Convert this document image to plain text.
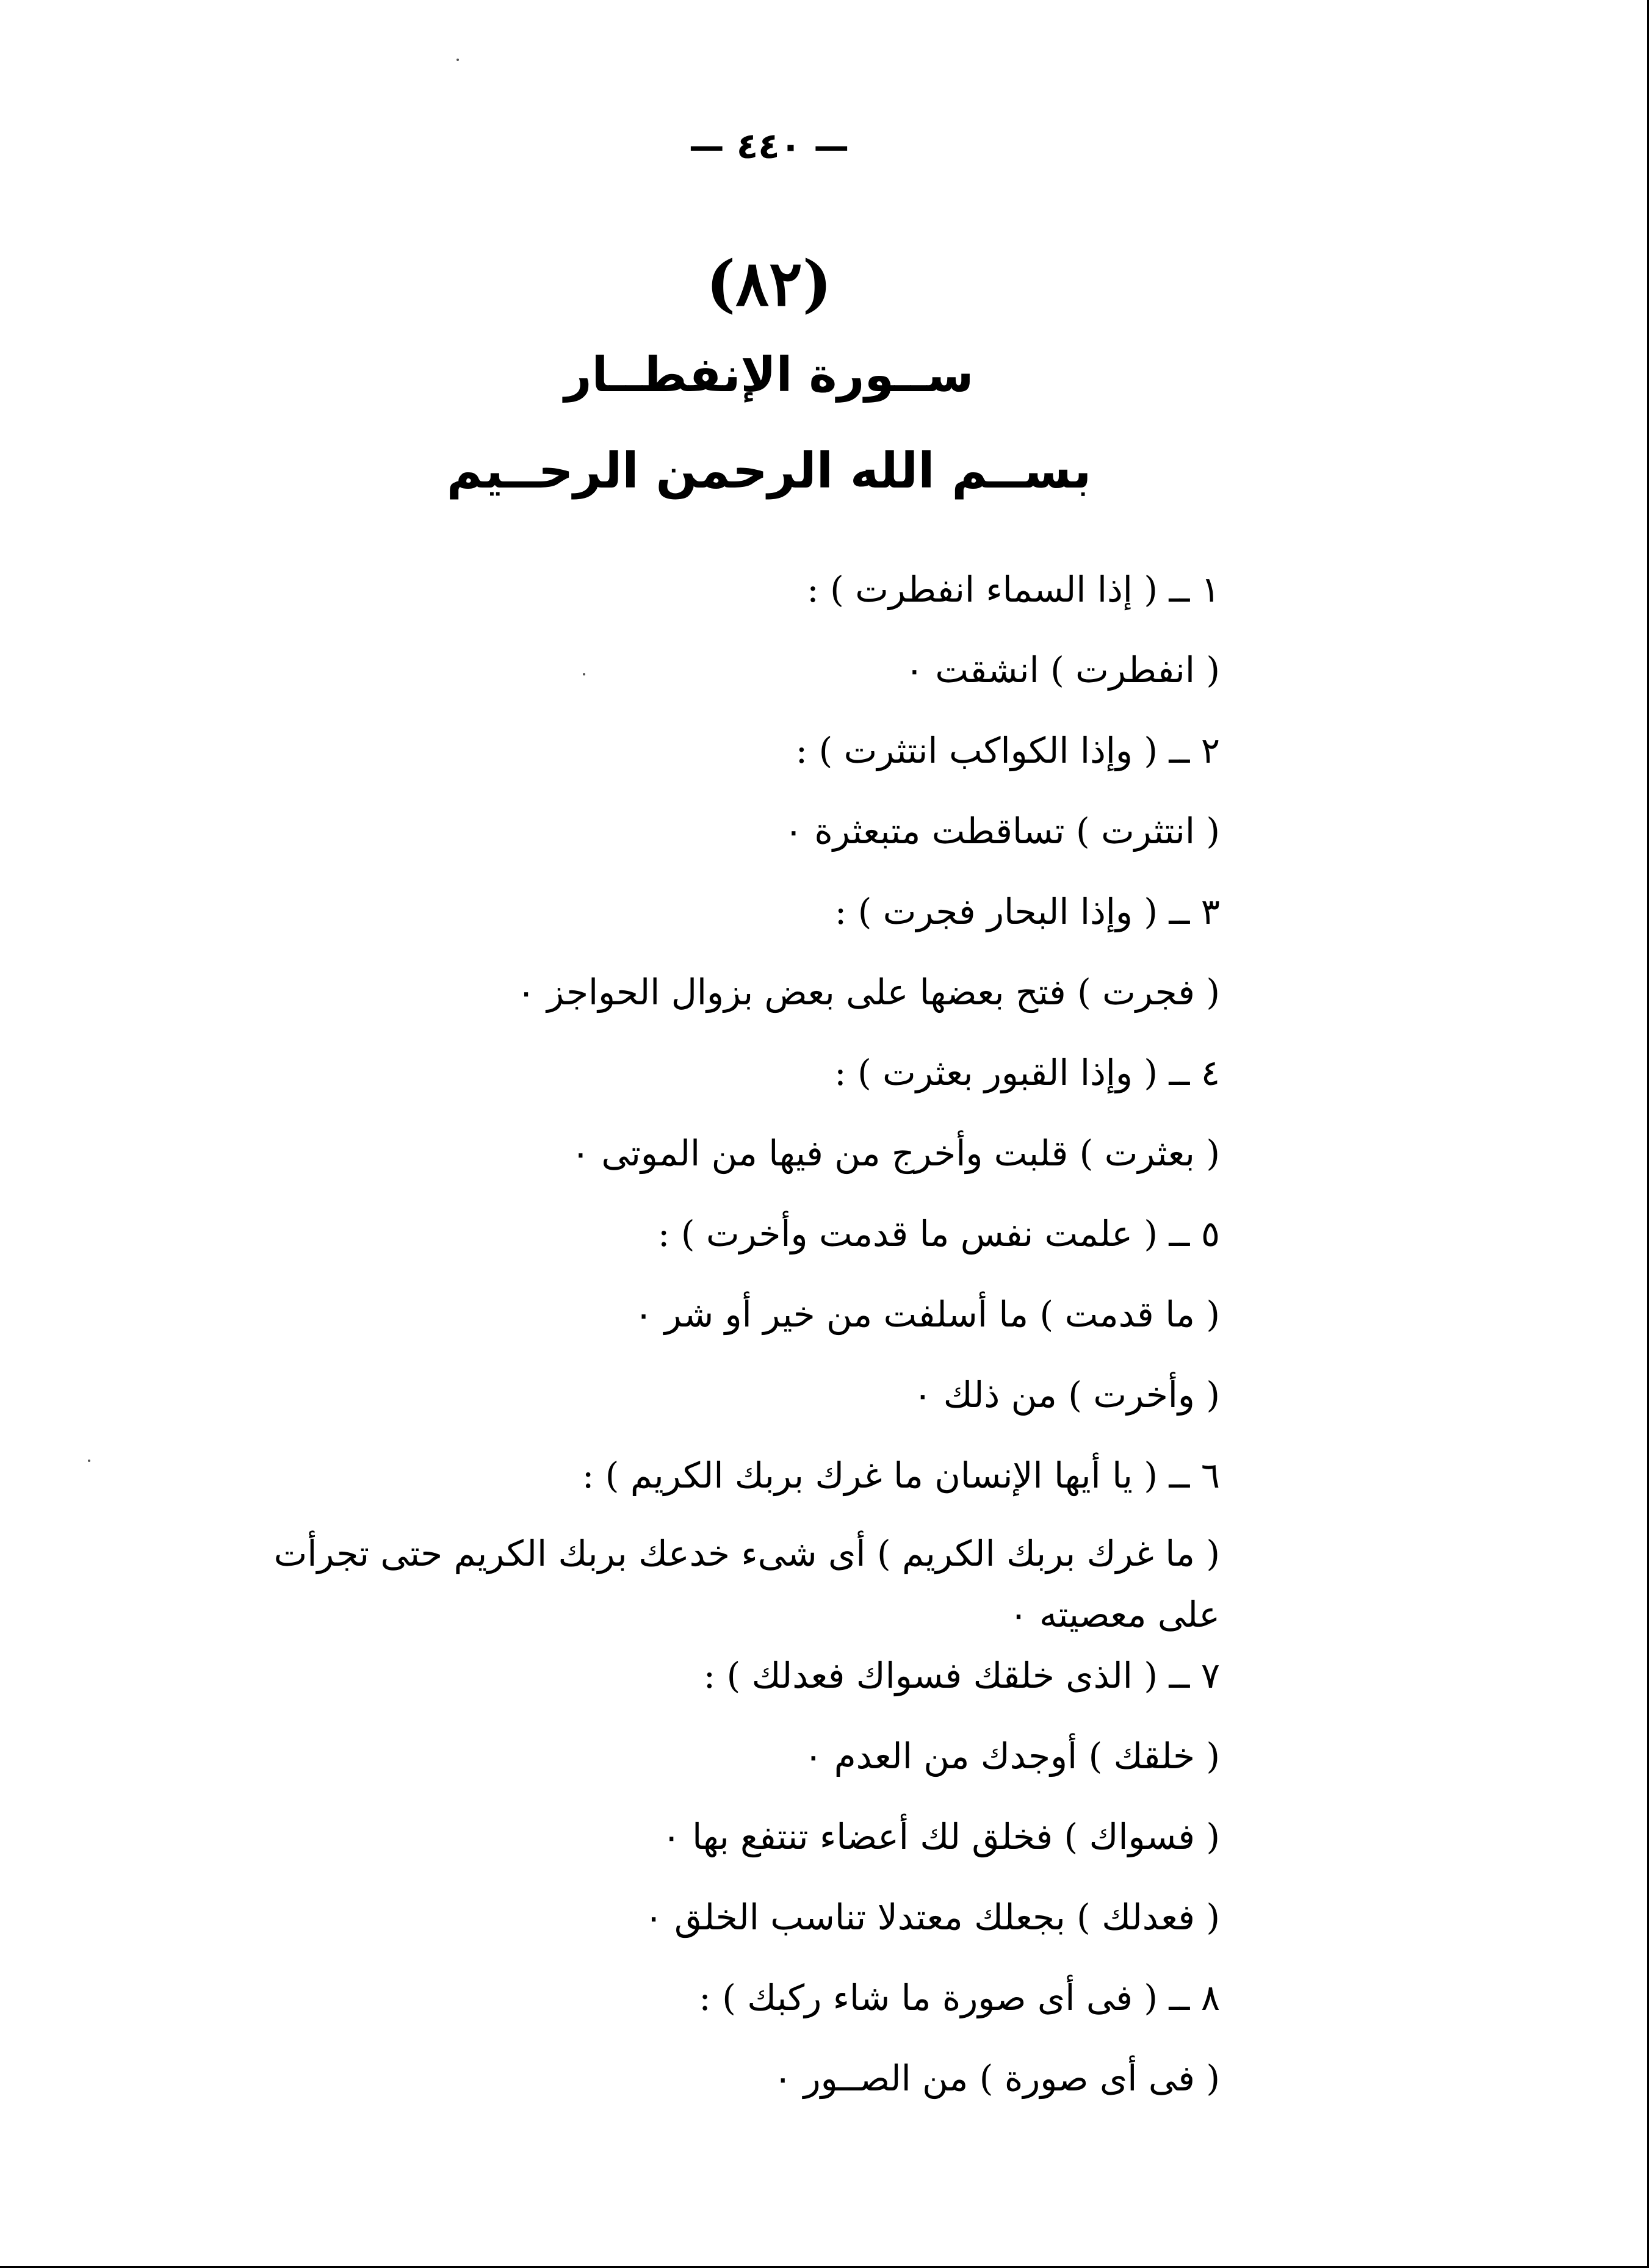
— ٤٤٠ —
(٨٢)
ســورة الإنفطــار
بســم الله الرحمن الرحــيم
١ ــ ( إذا السماء انفطرت ) :
( انفطرت ) انشقت ٠
٢ ــ ( وإذا الكواكب انتثرت ) :
( انتثرت ) تساقطت متبعثرة ٠
٣ ــ ( وإذا البحار فجرت ) :
( فجرت ) فتح بعضها على بعض بزوال الحواجز ٠
٤ ــ ( وإذا القبور بعثرت ) :
( بعثرت ) قلبت وأخرج من فيها من الموتى ٠
٥ ــ ( علمت نفس ما قدمت وأخرت ) :
( ما قدمت ) ما أسلفت من خير أو شر ٠
( وأخرت ) من ذلك ٠
٦ ــ ( يا أيها الإنسان ما غرك بربك الكريم ) :
( ما غرك بربك الكريم ) أى شىء خدعك بربك الكريم حتى تجرأت
على معصيته ٠
٧ ــ ( الذى خلقك فسواك فعدلك ) :
( خلقك ) أوجدك من العدم ٠
( فسواك ) فخلق لك أعضاء تنتفع بها ٠
( فعدلك ) بجعلك معتدلا تناسب الخلق ٠
٨ ــ ( فى أى صورة ما شاء ركبك ) :
( فى أى صورة ) من الصــور ٠
